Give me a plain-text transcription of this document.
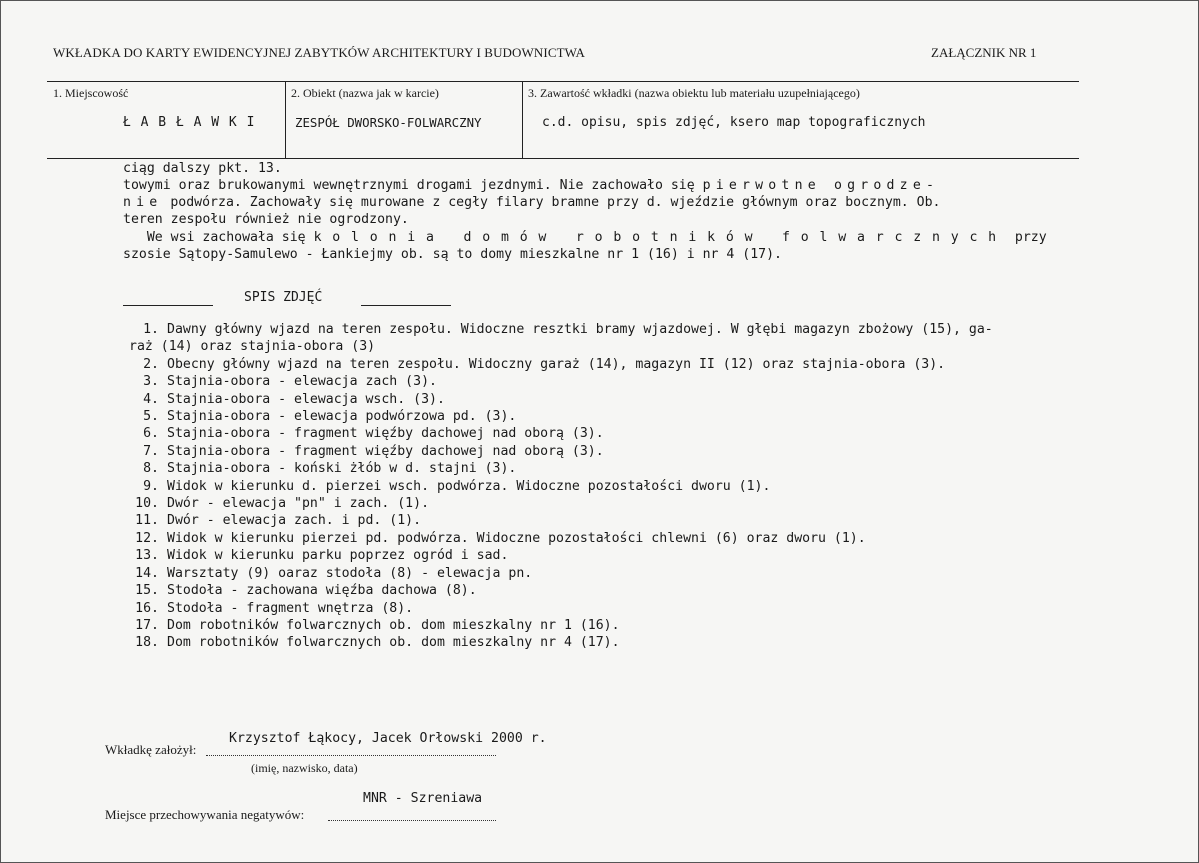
WKŁADKA DO KARTY EWIDENCYJNEJ ZABYTKÓW ARCHITEKTURY I BUDOWNICTWA	ZAŁĄCZNIK NR 1
1. Miejscowość
Ł A B Ł A W K I
2. Obiekt (nazwa jak w karcie)
ZESPÓŁ DWORSKO-FOLWARCZNY
3. Zawartość wkładki (nazwa obiektu lub materiału uzupełniającego)
c.d. opisu, spis zdjęć, ksero map topograficznych
ciąg dalszy pkt. 13.
towymi oraz brukowanymi wewnętrznymi drogami jezdnymi. Nie zachowało się pierwotne ogrodze-
nie podwórza. Zachowały się murowane z cegły filary bramne przy d. wjeździe głównym oraz bocznym. Ob.
teren zespołu również nie ogrodzony.
We wsi zachowała się kolonia domów robotników folwarcznych przy
szosie Sątopy-Samulewo - Łankiejmy ob. są to domy mieszkalne nr 1 (16) i nr 4 (17).
SPIS ZDJĘĆ
1. Dawny główny wjazd na teren zespołu. Widoczne resztki bramy wjazdowej. W głębi magazyn zbożowy (15), ga-
raż (14) oraz stajnia-obora (3)
2. Obecny główny wjazd na teren zespołu. Widoczny garaż (14), magazyn II (12) oraz stajnia-obora (3).
3. Stajnia-obora - elewacja zach (3).
4. Stajnia-obora - elewacja wsch. (3).
5. Stajnia-obora - elewacja podwórzowa pd. (3).
6. Stajnia-obora - fragment więźby dachowej nad oborą (3).
7. Stajnia-obora - fragment więźby dachowej nad oborą (3).
8. Stajnia-obora - koński żłób w d. stajni (3).
9. Widok w kierunku d. pierzei wsch. podwórza. Widoczne pozostałości dworu (1).
10. Dwór - elewacja "pn" i zach. (1).
11. Dwór - elewacja zach. i pd. (1).
12. Widok w kierunku pierzei pd. podwórza. Widoczne pozostałości chlewni (6) oraz dworu (1).
13. Widok w kierunku parku poprzez ogród i sad.
14. Warsztaty (9) oaraz stodoła (8) - elewacja pn.
15. Stodoła - zachowana więźba dachowa (8).
16. Stodoła - fragment wnętrza (8).
17. Dom robotników folwarcznych ob. dom mieszkalny nr 1 (16).
18. Dom robotników folwarcznych ob. dom mieszkalny nr 4 (17).
Krzysztof Łąkocy, Jacek Orłowski 2000 r.
Wkładkę założył:
(imię, nazwisko, data)
MNR - Szreniawa
Miejsce przechowywania negatywów:
